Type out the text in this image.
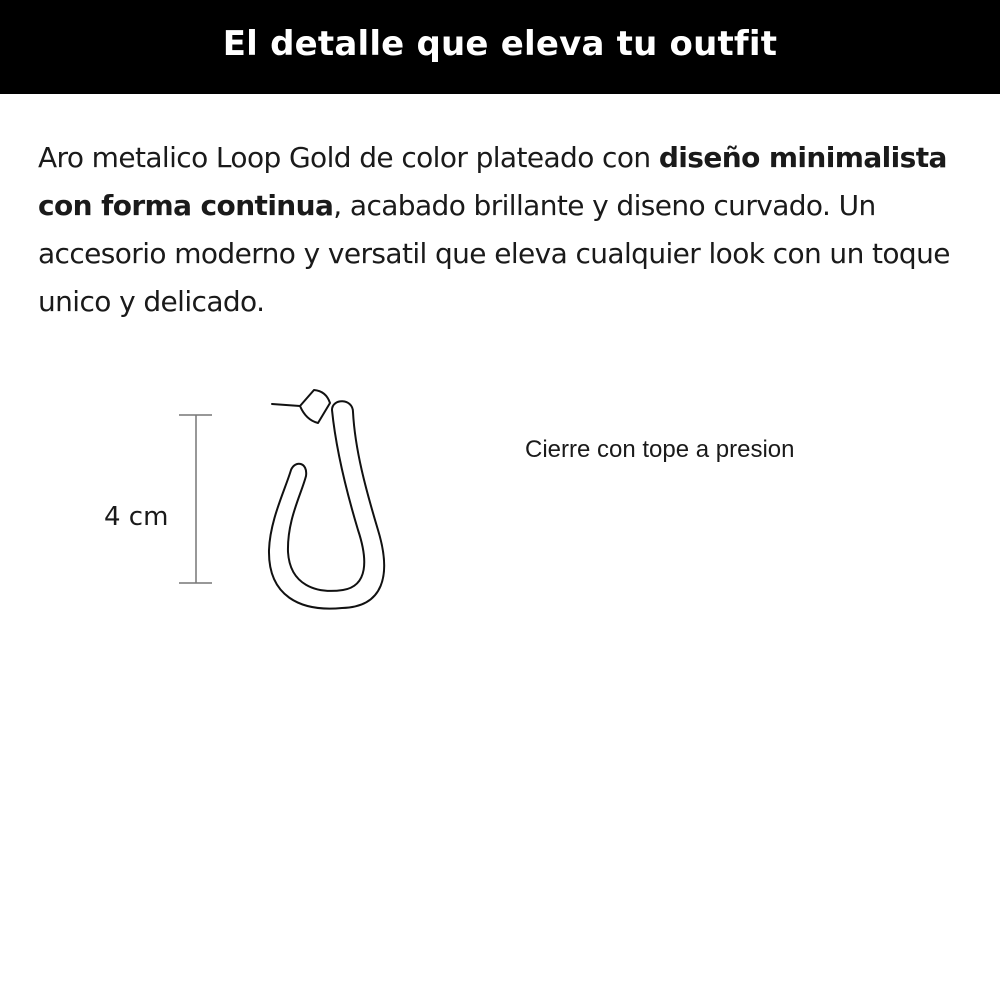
El detalle que eleva tu outfit

Aro metalico Loop Gold de color plateado con diseño minimalista con forma continua, acabado brillante y diseno curvado. Un accesorio moderno y versatil que eleva cualquier look con un toque unico y delicado.

4 cm
Cierre con tope a presion
